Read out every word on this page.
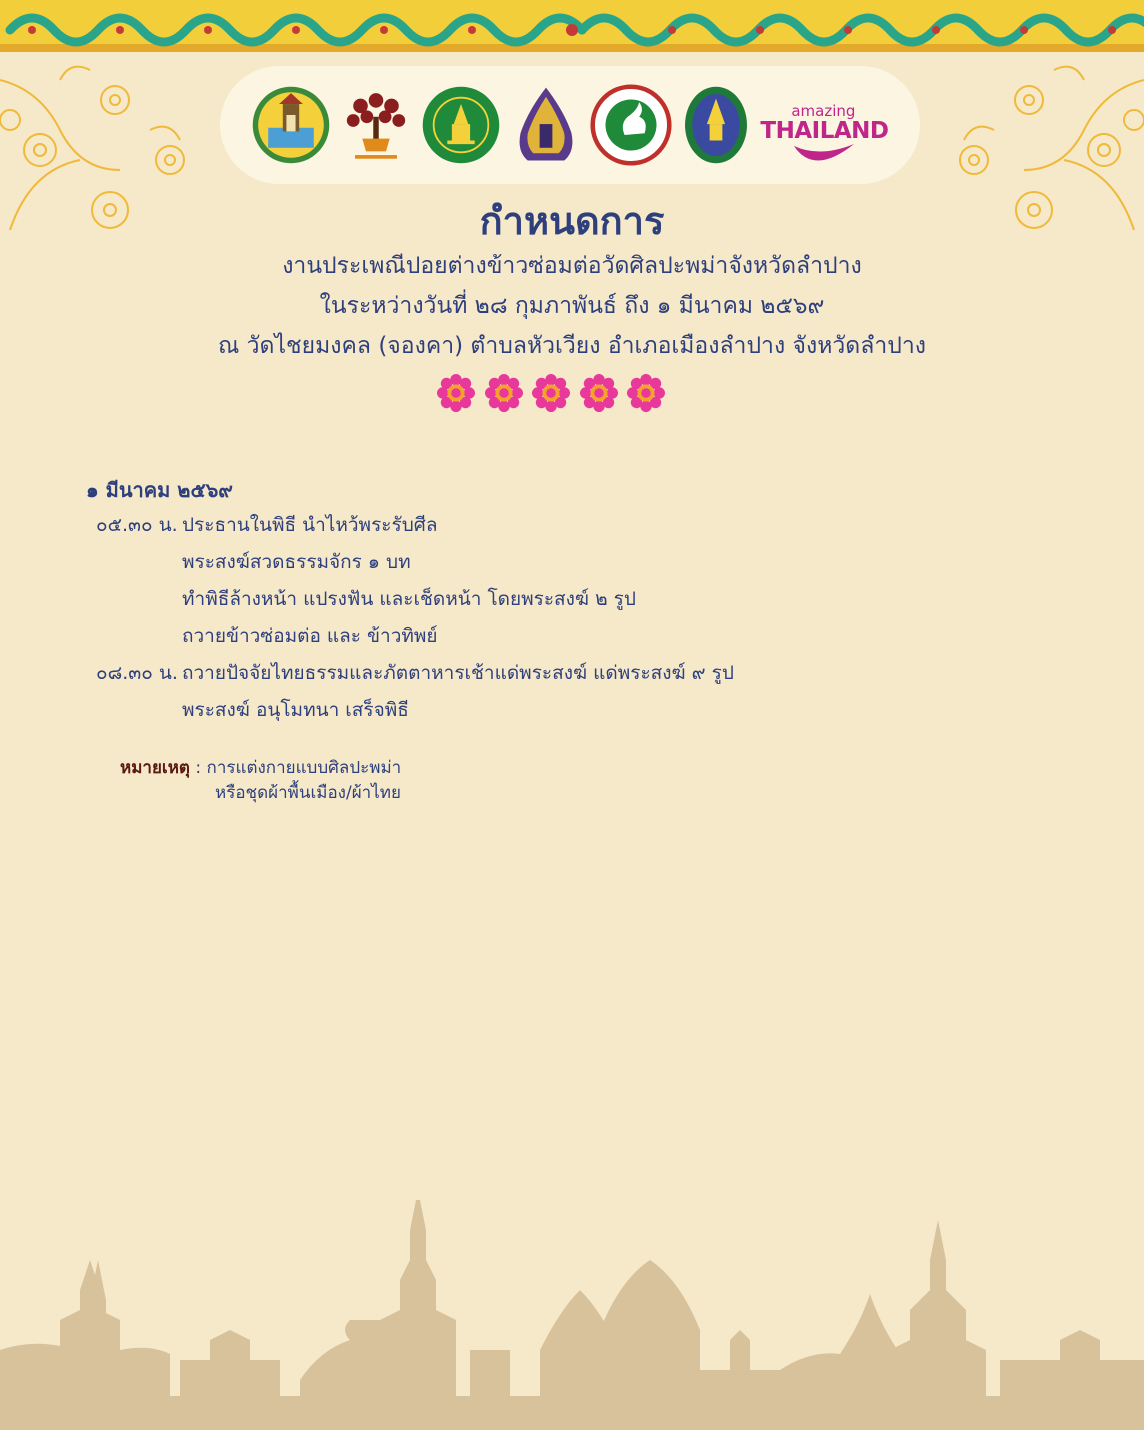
amazing
THAILAND
กำหนดการ
งานประเพณีปอยต่างข้าวซ่อมต่อวัดศิลปะพม่าจังหวัดลำปาง
ในระหว่างวันที่ ๒๘ กุมภาพันธ์ ถึง ๑ มีนาคม ๒๕๖๙
ณ วัดไชยมงคล (จองคา) ตำบลหัวเวียง อำเภอเมืองลำปาง จังหวัดลำปาง
๑ มีนาคม ๒๕๖๙
๐๕.๓๐ น. ประธานในพิธี นำไหว้พระรับศีล
พระสงฆ์สวดธรรมจักร ๑ บท
ทำพิธีล้างหน้า แปรงฟัน และเช็ดหน้า โดยพระสงฆ์ ๒ รูป
ถวายข้าวซ่อมต่อ และ ข้าวทิพย์
๐๘.๓๐ น. ถวายปัจจัยไทยธรรมและภัตตาหารเช้าแด่พระสงฆ์ แด่พระสงฆ์ ๙ รูป
พระสงฆ์ อนุโมทนา เสร็จพิธี
หมายเหตุ : การแต่งกายแบบศิลปะพม่า
หรือชุดผ้าพื้นเมือง/ผ้าไทย
